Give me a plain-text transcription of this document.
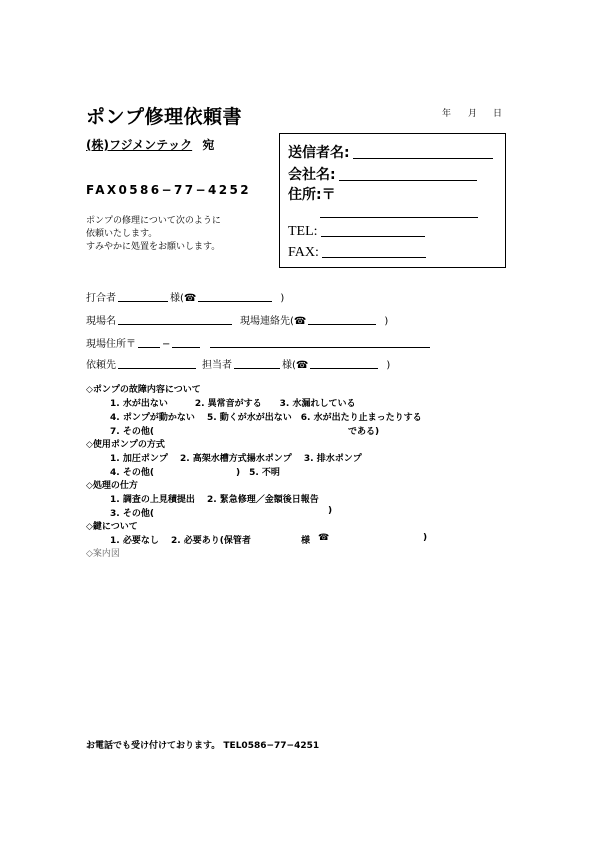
ポンプ修理依頼書	年 月 日
(株)フジメンテック 宛
FAX0586−77−4252
ポンプの修理について次のように
依頼いたします。
すみやかに処置をお願いします。
送信者名:
会社名:
住所:〒
TEL:
FAX:
打合者	様( ☎	)
現場名	現場連絡先( ☎	)
現場住所〒	−
依頼先	担当者	様( ☎	)
◇ポンプの故障内容について
1. 水が出ない　　　2. 異常音がする　　3. 水漏れしている
4. ポンプが動かない　 5. 動くが水が出ない　6. 水が出たり止まったりする
7. その他(	である)
◇使用ポンプの方式
1. 加圧ポンプ　 2. 高架水槽方式揚水ポンプ　 3. 排水ポンプ
4. その他(	)　5. 不明
◇処理の仕方
1. 調査の上見積提出　 2. 緊急修理／金額後日報告
3. その他(	)
◇鍵について
1. 必要なし　 2. 必要あり(保管者	様 ☎	)
◇案内図
お電話でも受け付けております。 TEL0586−77−4251
